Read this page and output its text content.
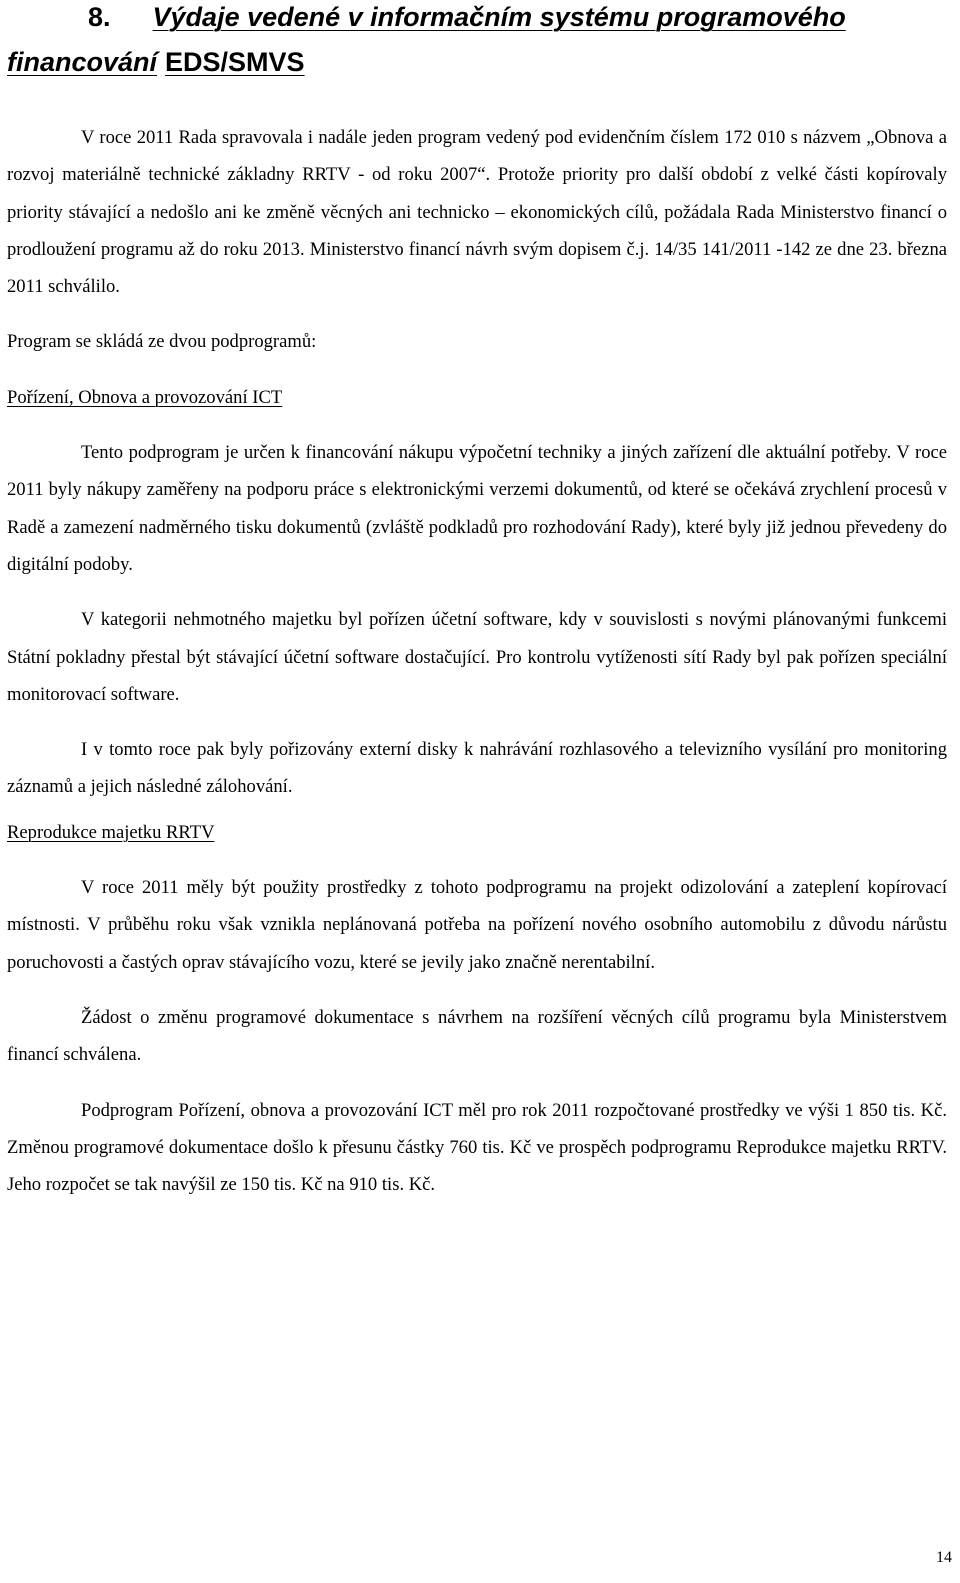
8. Výdaje vedené v informačním systému programového
financování EDS/SMVS

V roce 2011 Rada spravovala i nadále jeden program vedený pod evidenčním číslem 172 010 s názvem „Obnova a rozvoj materiálně technické základny RRTV - od roku 2007“. Protože priority pro další období z velké části kopírovaly priority stávající a nedošlo ani ke změně věcných ani technicko – ekonomických cílů, požádala Rada Ministerstvo financí o prodloužení programu až do roku 2013. Ministerstvo financí návrh svým dopisem č.j. 14/35 141/2011 -142 ze dne 23. března 2011 schválilo.

Program se skládá ze dvou podprogramů:

Pořízení, Obnova a provozování ICT

Tento podprogram je určen k financování nákupu výpočetní techniky a jiných zařízení dle aktuální potřeby. V roce 2011 byly nákupy zaměřeny na podporu práce s elektronickými verzemi dokumentů, od které se očekává zrychlení procesů v Radě a zamezení nadměrného tisku dokumentů (zvláště podkladů pro rozhodování Rady), které byly již jednou převedeny do digitální podoby.

V kategorii nehmotného majetku byl pořízen účetní software, kdy v souvislosti s novými plánovanými funkcemi Státní pokladny přestal být stávající účetní software dostačující. Pro kontrolu vytíženosti sítí Rady byl pak pořízen speciální monitorovací software.

I v tomto roce pak byly pořizovány externí disky k nahrávání rozhlasového a televizního vysílání pro monitoring záznamů a jejich následné zálohování.

Reprodukce majetku RRTV

V roce 2011 měly být použity prostředky z tohoto podprogramu na projekt odizolování a zateplení kopírovací místnosti. V průběhu roku však vznikla neplánovaná potřeba na pořízení nového osobního automobilu z důvodu nárůstu poruchovosti a častých oprav stávajícího vozu, které se jevily jako značně nerentabilní.

Žádost o změnu programové dokumentace s návrhem na rozšíření věcných cílů programu byla Ministerstvem financí schválena.

Podprogram Pořízení, obnova a provozování ICT měl pro rok 2011 rozpočtované prostředky ve výši 1 850 tis. Kč. Změnou programové dokumentace došlo k přesunu částky 760 tis. Kč ve prospěch podprogramu Reprodukce majetku RRTV. Jeho rozpočet se tak navýšil ze 150 tis. Kč na 910 tis. Kč.

14
